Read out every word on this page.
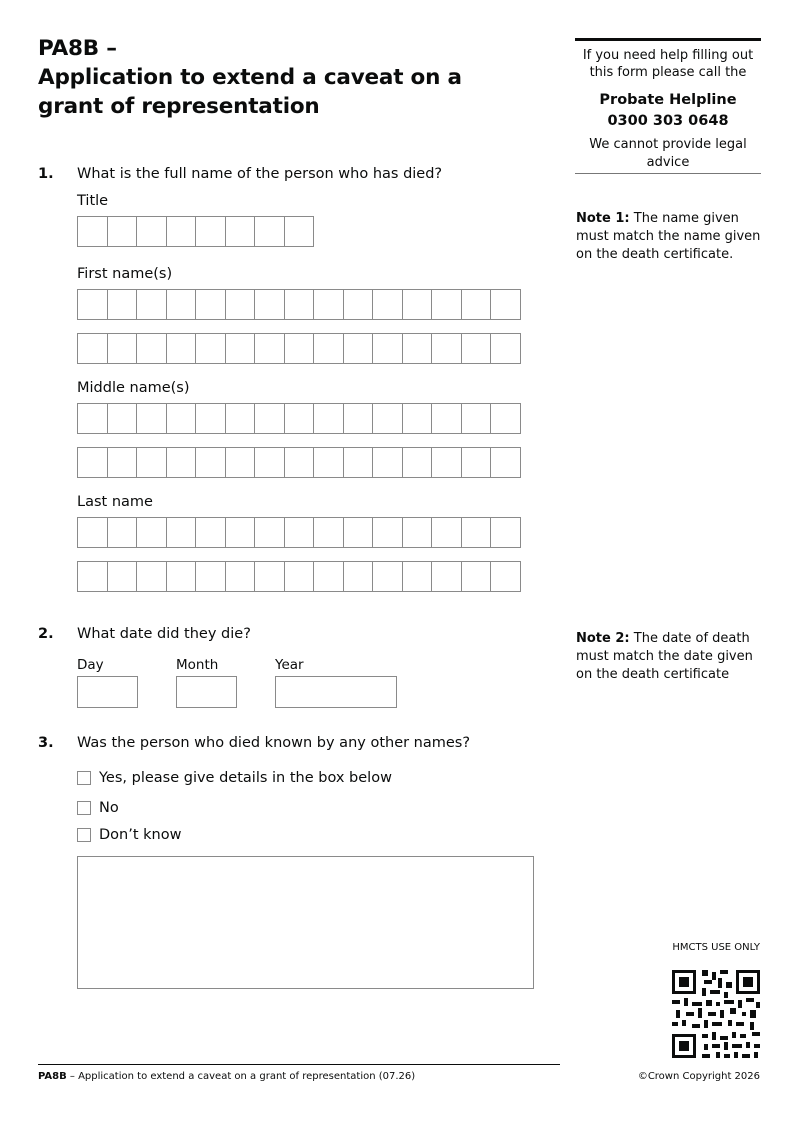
PA8B –
Application to extend a caveat on a
grant of representation
If you need help filling out this form please call the
Probate Helpline
0300 303 0648
We cannot provide legal advice
Note 1: The name given must match the name given on the death certificate.
Note 2: The date of death must match the date given on the death certificate
1. What is the full name of the person who has died?
Title
First name(s)
Middle name(s)
Last name
2. What date did they die?
Day	Month	Year
3. Was the person who died known by any other names?
Yes, please give details in the box below
No
Don’t know
HMCTS USE ONLY
PA8B – Application to extend a caveat on a grant of representation (07.26)	©Crown Copyright 2026
